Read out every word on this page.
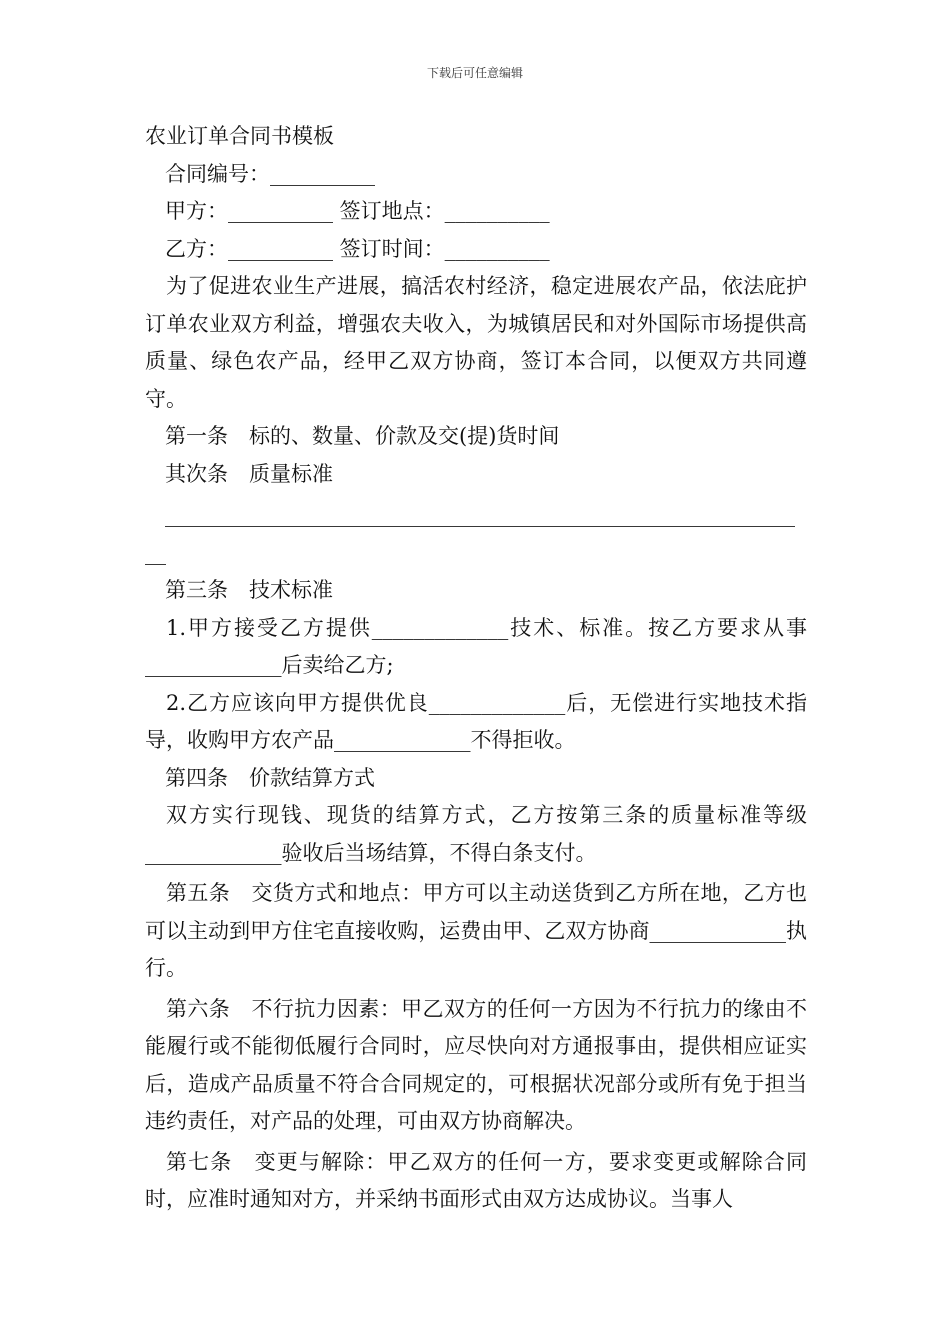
下载后可任意编辑
农业订单合同书模板
合同编号：__________
甲方：__________ 签订地点：__________
乙方：__________ 签订时间：__________
为了促进农业生产进展，搞活农村经济，稳定进展农产品，依法庇护订单农业双方利益，增强农夫收入，为城镇居民和对外国际市场提供高质量、绿色农产品，经甲乙双方协商，签订本合同，以便双方共同遵守。
第一条　标的、数量、价款及交(提)货时间
其次条　质量标准
____________________________________________________________
__
第三条　技术标准
1.甲方接受乙方提供_____________技术、标准。按乙方要求从事_____________后卖给乙方;
2.乙方应该向甲方提供优良_____________后，无偿进行实地技术指导，收购甲方农产品_____________不得拒收。
第四条　价款结算方式
双方实行现钱、现货的结算方式，乙方按第三条的质量标准等级_____________验收后当场结算，不得白条支付。
第五条　交货方式和地点：甲方可以主动送货到乙方所在地，乙方也可以主动到甲方住宅直接收购，运费由甲、乙双方协商_____________执行。
第六条　不行抗力因素：甲乙双方的任何一方因为不行抗力的缘由不能履行或不能彻低履行合同时，应尽快向对方通报事由，提供相应证实后，造成产品质量不符合合同规定的，可根据状况部分或所有免于担当违约责任，对产品的处理，可由双方协商解决。
第七条　变更与解除：甲乙双方的任何一方，要求变更或解除合同时，应准时通知对方，并采纳书面形式由双方达成协议。当事人
